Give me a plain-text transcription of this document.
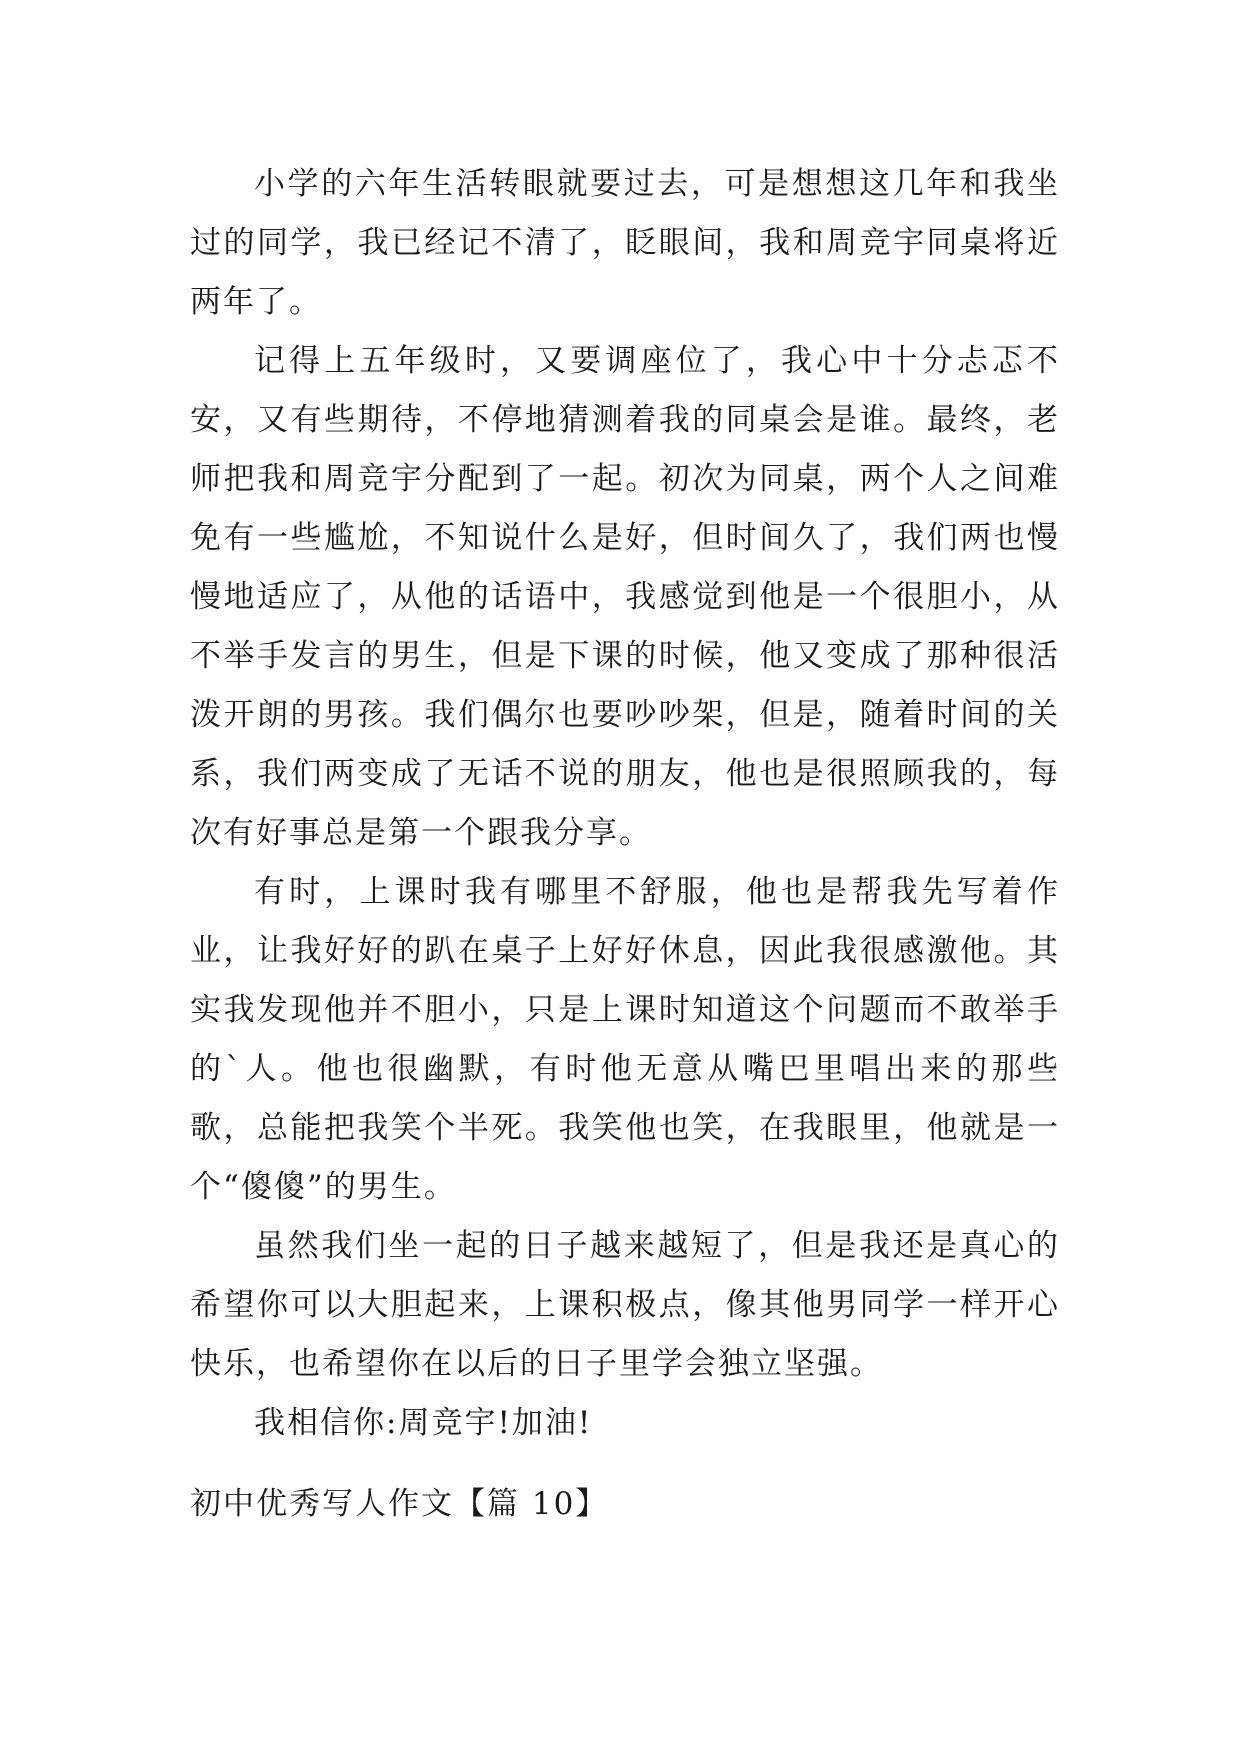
小学的六年生活转眼就要过去，可是想想这几年和我坐过的同学，我已经记不清了，眨眼间，我和周竞宇同桌将近两年了。

记得上五年级时，又要调座位了，我心中十分忐忑不安，又有些期待，不停地猜测着我的同桌会是谁。最终，老师把我和周竞宇分配到了一起。初次为同桌，两个人之间难免有一些尴尬，不知说什么是好，但时间久了，我们两也慢慢地适应了，从他的话语中，我感觉到他是一个很胆小，从不举手发言的男生，但是下课的时候，他又变成了那种很活泼开朗的男孩。我们偶尔也要吵吵架，但是，随着时间的关系，我们两变成了无话不说的朋友，他也是很照顾我的，每次有好事总是第一个跟我分享。

有时，上课时我有哪里不舒服，他也是帮我先写着作业，让我好好的趴在桌子上好好休息，因此我很感激他。其实我发现他并不胆小，只是上课时知道这个问题而不敢举手的`人。他也很幽默，有时他无意从嘴巴里唱出来的那些歌，总能把我笑个半死。我笑他也笑，在我眼里，他就是一个“傻傻”的男生。

虽然我们坐一起的日子越来越短了，但是我还是真心的希望你可以大胆起来，上课积极点，像其他男同学一样开心快乐，也希望你在以后的日子里学会独立坚强。

我相信你:周竞宇!加油!

初中优秀写人作文【篇 10】
